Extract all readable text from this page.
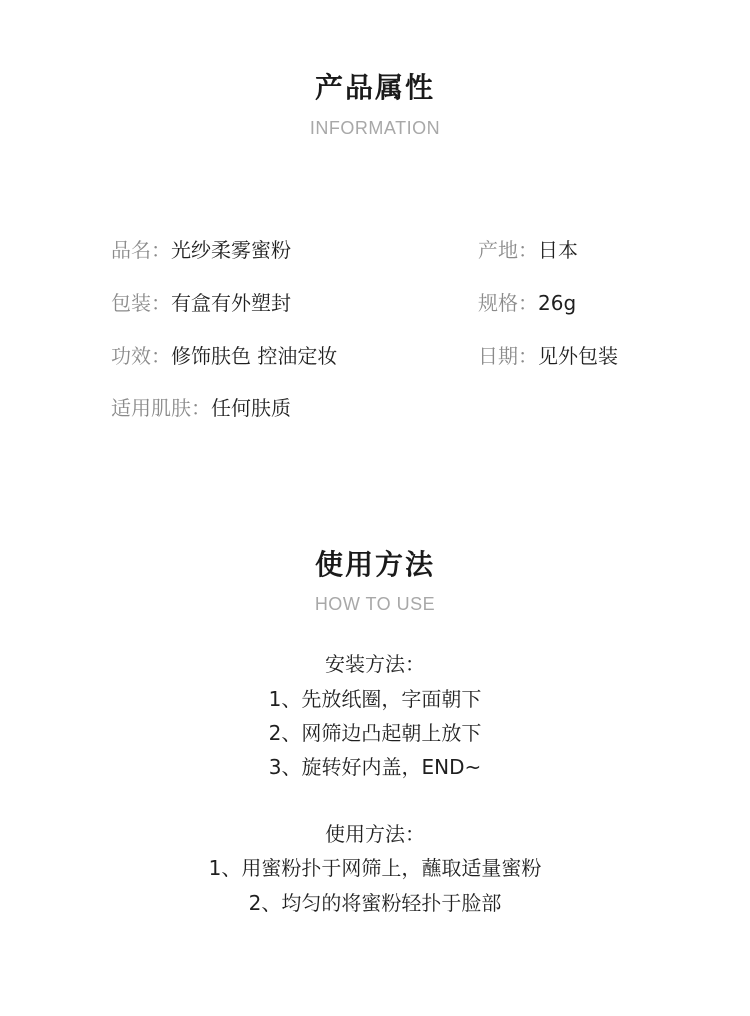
产品属性
INFORMATION
品名：光纱柔雾蜜粉	产地：日本
包装：有盒有外塑封	规格：26g
功效：修饰肤色 控油定妆	日期：见外包装
适用肌肤：任何肤质
使用方法
HOW TO USE
安装方法：
1、先放纸圈，字面朝下
2、网筛边凸起朝上放下
3、旋转好内盖，END~
使用方法：
1、用蜜粉扑于网筛上，蘸取适量蜜粉
2、均匀的将蜜粉轻扑于脸部
